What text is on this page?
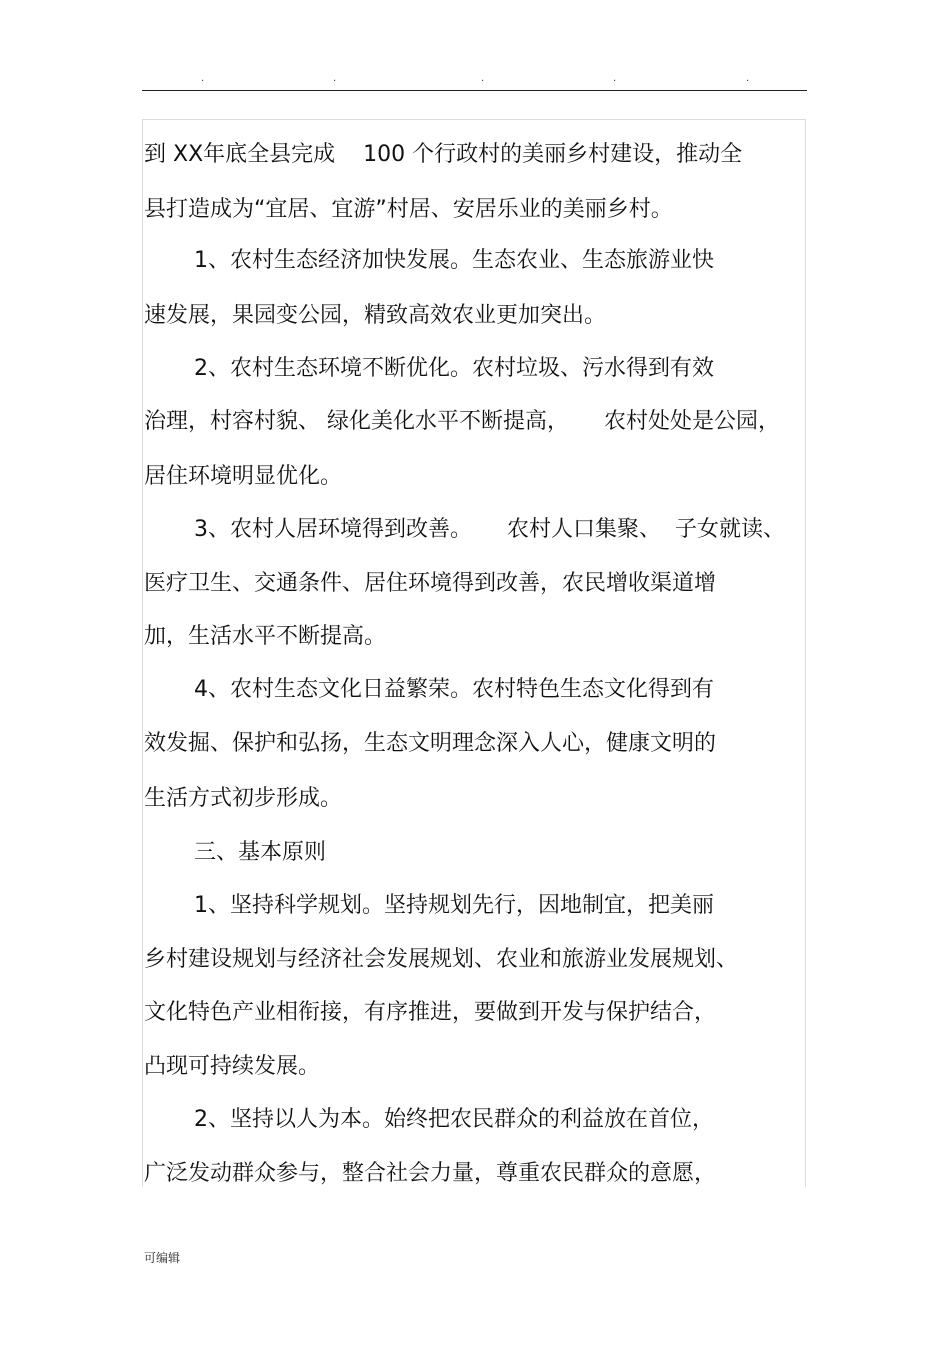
.	.	.	.	.

到 XX年底全县完成    100 个行政村的美丽乡村建设，推动全

县打造成为“宜居、宜游”村居、安居乐业的美丽乡村。

1、农村生态经济加快发展。生态农业、生态旅游业快

速发展，果园变公园，精致高效农业更加突出。

2、农村生态环境不断优化。农村垃圾、污水得到有效

治理，村容村貌、 绿化美化水平不断提高，     农村处处是公园，

居住环境明显优化。

3、农村人居环境得到改善。     农村人口集聚、  子女就读、

医疗卫生、交通条件、居住环境得到改善，农民增收渠道增

加，生活水平不断提高。

4、农村生态文化日益繁荣。农村特色生态文化得到有

效发掘、保护和弘扬，生态文明理念深入人心，健康文明的

生活方式初步形成。

三、基本原则

1、坚持科学规划。坚持规划先行，因地制宜，把美丽

乡村建设规划与经济社会发展规划、农业和旅游业发展规划、

文化特色产业相衔接，有序推进，要做到开发与保护结合，

凸现可持续发展。

2、坚持以人为本。始终把农民群众的利益放在首位，

广泛发动群众参与，整合社会力量，尊重农民群众的意愿，

可编辑
